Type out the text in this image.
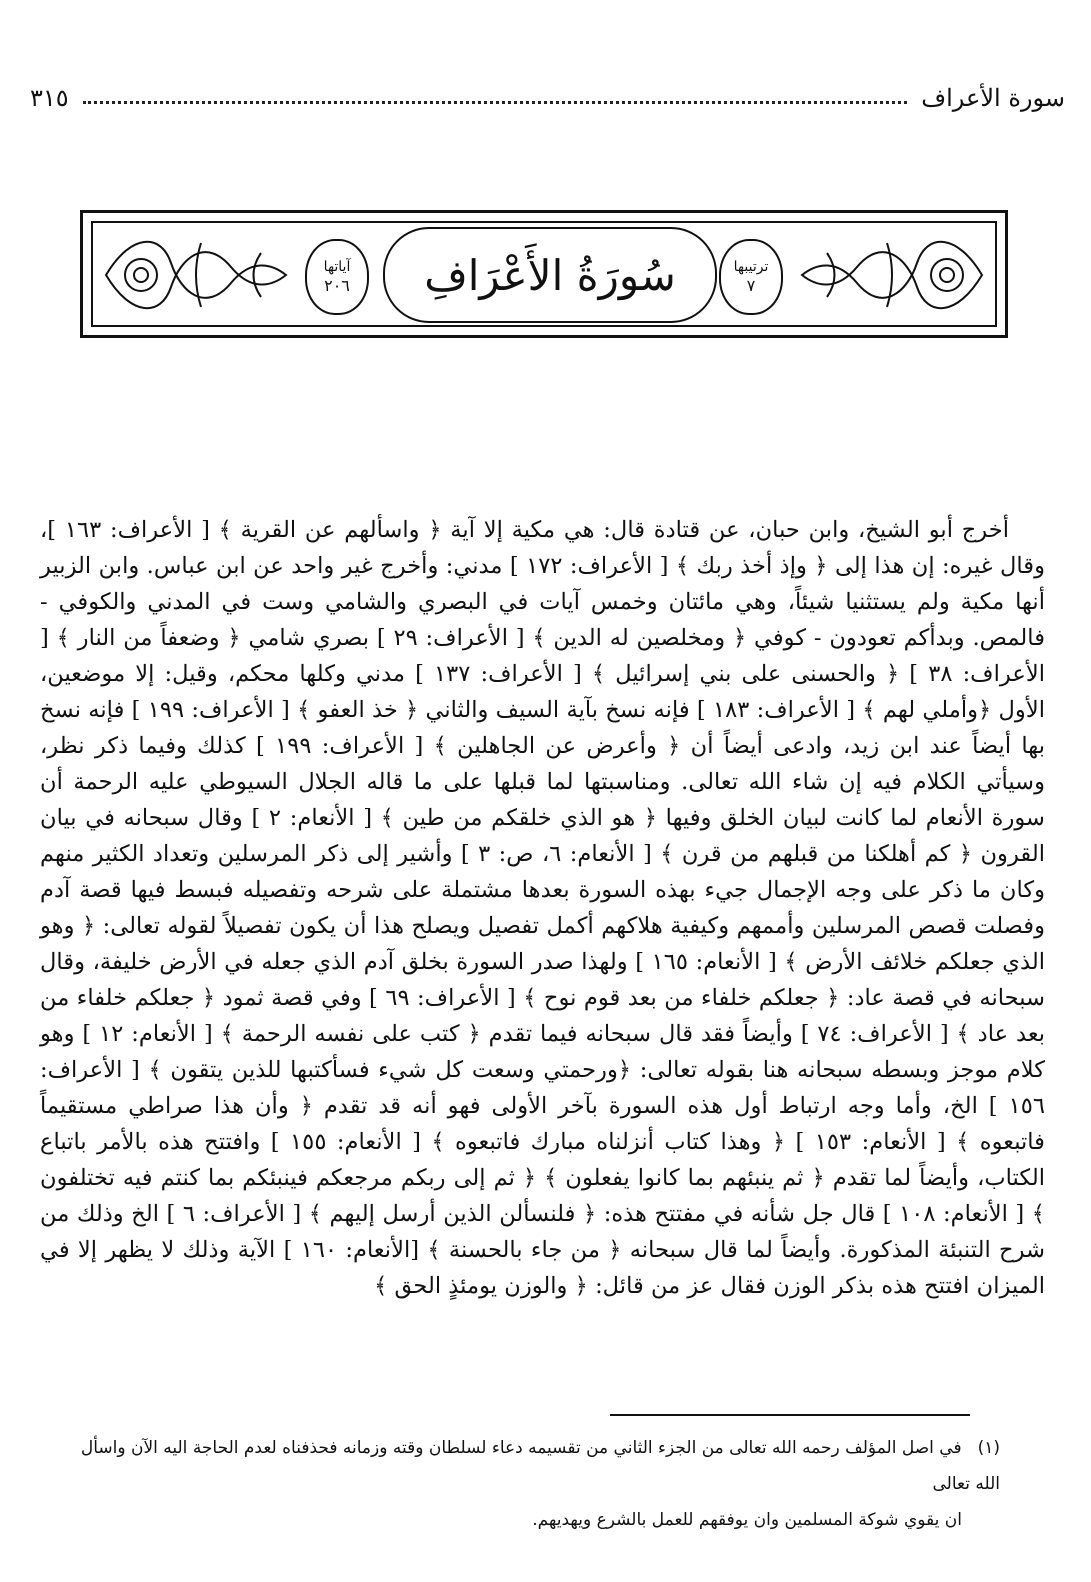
سورة الأعراف
٣١٥
ترتيبها
٧
سُورَةُ الأَعْرَافِ
آياتها
٢٠٦

أخرج أبو الشيخ، وابن حبان، عن قتادة قال: هي مكية إلا آية ﴿ واسألهم عن القرية ﴾ [ الأعراف: ١٦٣ ]، وقال غيره: إن هذا إلى ﴿ وإذ أخذ ربك ﴾ [ الأعراف: ١٧٢ ] مدني: وأخرج غير واحد عن ابن عباس. وابن الزبير أنها مكية ولم يستثنيا شيئاً، وهي مائتان وخمس آيات في البصري والشامي وست في المدني والكوفي - فالمص. وبدأكم تعودون - كوفي ﴿ ومخلصين له الدين ﴾ [ الأعراف: ٢٩ ] بصري شامي ﴿ وضعفاً من النار ﴾ [ الأعراف: ٣٨ ] ﴿ والحسنى على بني إسرائيل ﴾ [ الأعراف: ١٣٧ ] مدني وكلها محكم، وقيل: إلا موضعين، الأول ﴿وأملي لهم ﴾ [ الأعراف: ١٨٣ ] فإنه نسخ بآية السيف والثاني ﴿ خذ العفو ﴾ [ الأعراف: ١٩٩ ] فإنه نسخ بها أيضاً عند ابن زيد، وادعى أيضاً أن ﴿ وأعرض عن الجاهلين ﴾ [ الأعراف: ١٩٩ ] كذلك وفيما ذكر نظر، وسيأتي الكلام فيه إن شاء الله تعالى. ومناسبتها لما قبلها على ما قاله الجلال السيوطي عليه الرحمة أن سورة الأنعام لما كانت لبيان الخلق وفيها ﴿ هو الذي خلقكم من طين ﴾ [ الأنعام: ٢ ] وقال سبحانه في بيان القرون ﴿ كم أهلكنا من قبلهم من قرن ﴾ [ الأنعام: ٦، ص: ٣ ] وأشير إلى ذكر المرسلين وتعداد الكثير منهم وكان ما ذكر على وجه الإجمال جيء بهذه السورة بعدها مشتملة على شرحه وتفصيله فبسط فيها قصة آدم وفصلت قصص المرسلين وأممهم وكيفية هلاكهم أكمل تفصيل ويصلح هذا أن يكون تفصيلاً لقوله تعالى: ﴿ وهو الذي جعلكم خلائف الأرض ﴾ [ الأنعام: ١٦٥ ] ولهذا صدر السورة بخلق آدم الذي جعله في الأرض خليفة، وقال سبحانه في قصة عاد: ﴿ جعلكم خلفاء من بعد قوم نوح ﴾ [ الأعراف: ٦٩ ] وفي قصة ثمود ﴿ جعلكم خلفاء من بعد عاد ﴾ [ الأعراف: ٧٤ ] وأيضاً فقد قال سبحانه فيما تقدم ﴿ كتب على نفسه الرحمة ﴾ [ الأنعام: ١٢ ] وهو كلام موجز وبسطه سبحانه هنا بقوله تعالى: ﴿ورحمتي وسعت كل شيء فسأكتبها للذين يتقون ﴾ [ الأعراف: ١٥٦ ] الخ، وأما وجه ارتباط أول هذه السورة بآخر الأولى فهو أنه قد تقدم ﴿ وأن هذا صراطي مستقيماً فاتبعوه ﴾ [ الأنعام: ١٥٣ ] ﴿ وهذا كتاب أنزلناه مبارك فاتبعوه ﴾ [ الأنعام: ١٥٥ ] وافتتح هذه بالأمر باتباع الكتاب، وأيضاً لما تقدم ﴿ ثم ينبئهم بما كانوا يفعلون ﴾ ﴿ ثم إلى ربكم مرجعكم فينبئكم بما كنتم فيه تختلفون ﴾ [ الأنعام: ١٠٨ ] قال جل شأنه في مفتتح هذه: ﴿ فلنسألن الذين أرسل إليهم ﴾ [ الأعراف: ٦ ] الخ وذلك من شرح التنبئة المذكورة. وأيضاً لما قال سبحانه ﴿ من جاء بالحسنة ﴾ [الأنعام: ١٦٠ ] الآية وذلك لا يظهر إلا في الميزان افتتح هذه بذكر الوزن فقال عز من قائل: ﴿ والوزن يومئذٍ الحق ﴾

(١)في اصل المؤلف رحمه الله تعالى من الجزء الثاني من تقسيمه دعاء لسلطان وقته وزمانه فحذفناه لعدم الحاجة اليه الآن واسأل الله تعالى
ان يقوي شوكة المسلمين وان يوفقهم للعمل بالشرع ويهديهم.
